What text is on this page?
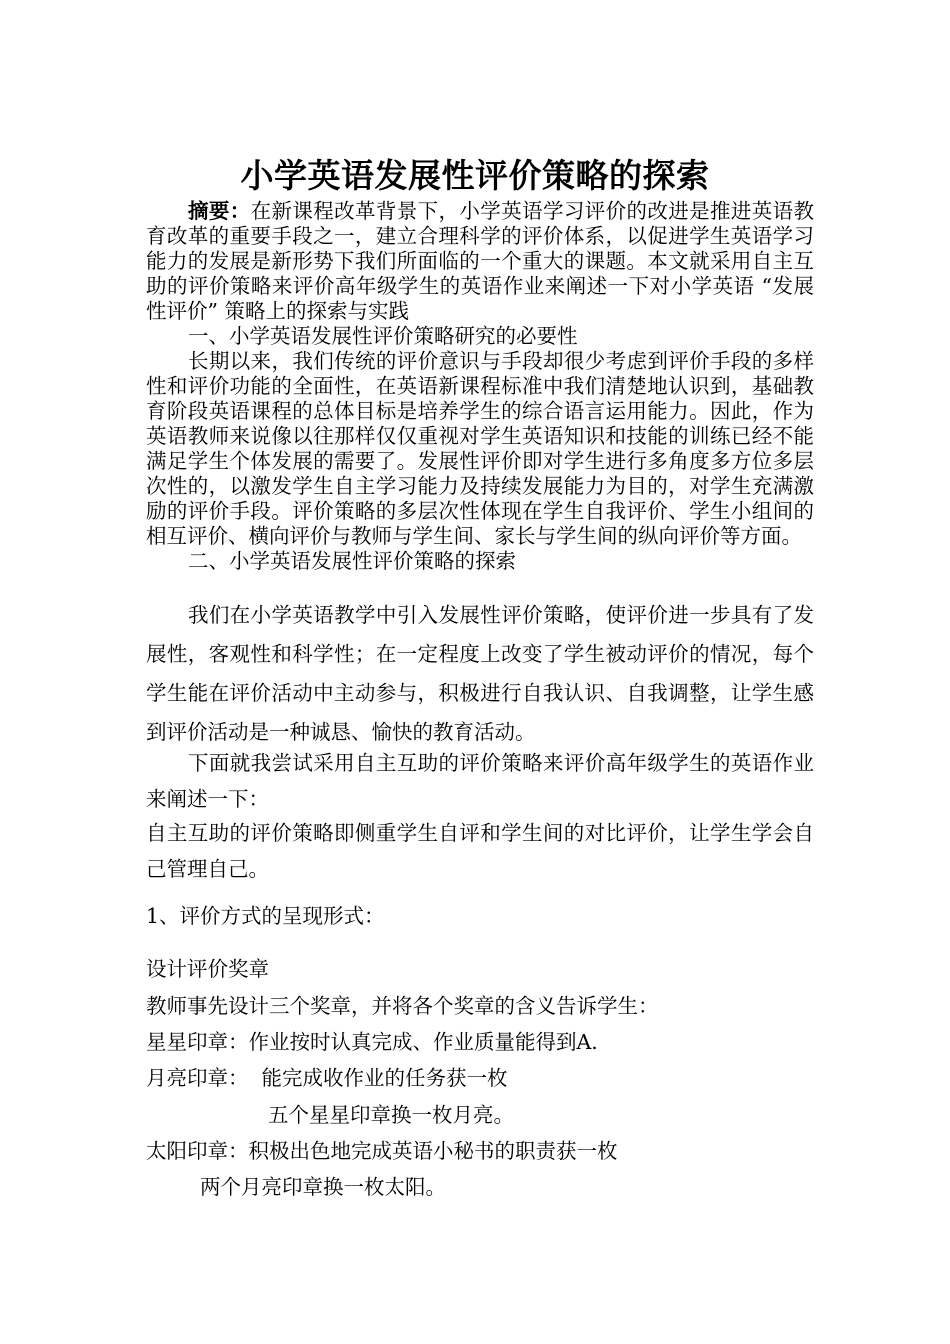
小学英语发展性评价策略的探索

摘要：在新课程改革背景下，小学英语学习评价的改进是推进英语教育改革的重要手段之一，建立合理科学的评价体系，以促进学生英语学习能力的发展是新形势下我们所面临的一个重大的课题。本文就采用自主互助的评价策略来评价高年级学生的英语作业来阐述一下对小学英语 “发展性评价” 策略上的探索与实践

一、小学英语发展性评价策略研究的必要性

长期以来，我们传统的评价意识与手段却很少考虑到评价手段的多样性和评价功能的全面性，在英语新课程标准中我们清楚地认识到，基础教育阶段英语课程的总体目标是培养学生的综合语言运用能力。因此，作为英语教师来说像以往那样仅仅重视对学生英语知识和技能的训练已经不能满足学生个体发展的需要了。发展性评价即对学生进行多角度多方位多层次性的，以激发学生自主学习能力及持续发展能力为目的，对学生充满激励的评价手段。评价策略的多层次性体现在学生自我评价、学生小组间的相互评价、横向评价与教师与学生间、家长与学生间的纵向评价等方面。

二、小学英语发展性评价策略的探索

我们在小学英语教学中引入发展性评价策略，使评价进一步具有了发展性，客观性和科学性；在一定程度上改变了学生被动评价的情况，每个学生能在评价活动中主动参与，积极进行自我认识、自我调整，让学生感到评价活动是一种诚恳、愉快的教育活动。

下面就我尝试采用自主互助的评价策略来评价高年级学生的英语作业来阐述一下：

自主互助的评价策略即侧重学生自评和学生间的对比评价，让学生学会自己管理自己。

1、评价方式的呈现形式：

设计评价奖章

教师事先设计三个奖章，并将各个奖章的含义告诉学生：

星星印章：作业按时认真完成、作业质量能得到A.

月亮印章：  能完成收作业的任务获一枚

五个星星印章换一枚月亮。

太阳印章：积极出色地完成英语小秘书的职责获一枚

两个月亮印章换一枚太阳。
